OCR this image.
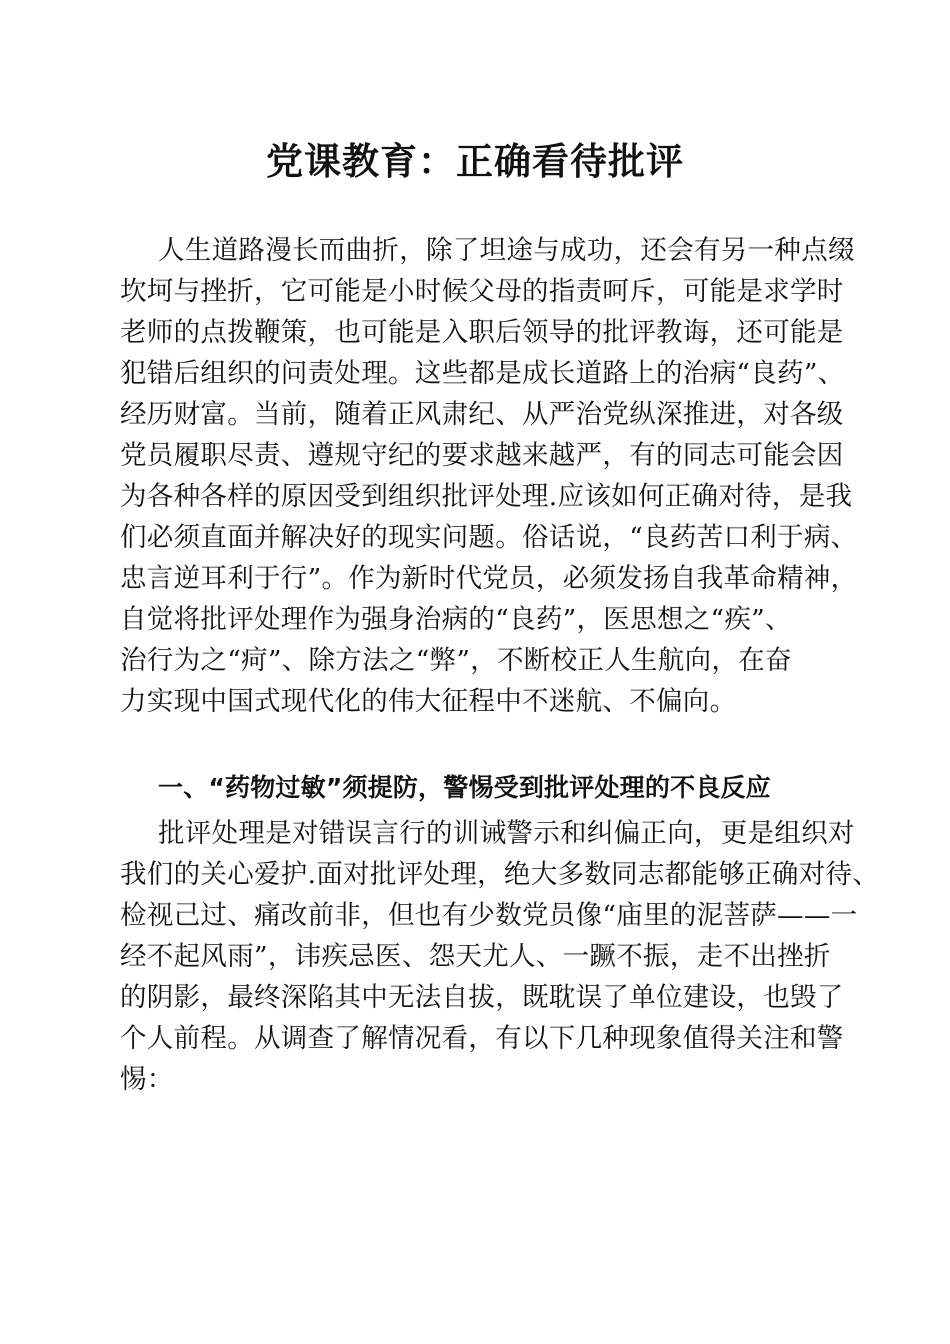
党课教育：正确看待批评
人生道路漫长而曲折，除了坦途与成功，还会有另一种点缀
坎坷与挫折，它可能是小时候父母的指责呵斥，可能是求学时
老师的点拨鞭策，也可能是入职后领导的批评教诲，还可能是
犯错后组织的问责处理。这些都是成长道路上的治病“良药”、
经历财富。当前，随着正风肃纪、从严治党纵深推进，对各级
党员履职尽责、遵规守纪的要求越来越严，有的同志可能会因
为各种各样的原因受到组织批评处理.应该如何正确对待，是我
们必须直面并解决好的现实问题。俗话说，“良药苦口利于病、
忠言逆耳利于行”。作为新时代党员，必须发扬自我革命精神，
自觉将批评处理作为强身治病的“良药”，医思想之“疾”、
治行为之“疴”、除方法之“弊”，不断校正人生航向，在奋
力实现中国式现代化的伟大征程中不迷航、不偏向。
一、“药物过敏”须提防，警惕受到批评处理的不良反应
批评处理是对错误言行的训诫警示和纠偏正向，更是组织对
我们的关心爱护.面对批评处理，绝大多数同志都能够正确对待、
检视己过、痛改前非，但也有少数党员像“庙里的泥菩萨——一
经不起风雨”，讳疾忌医、怨天尤人、一蹶不振，走不出挫折
的阴影，最终深陷其中无法自拔，既耽误了单位建设，也毁了
个人前程。从调查了解情况看，有以下几种现象值得关注和警
惕：
